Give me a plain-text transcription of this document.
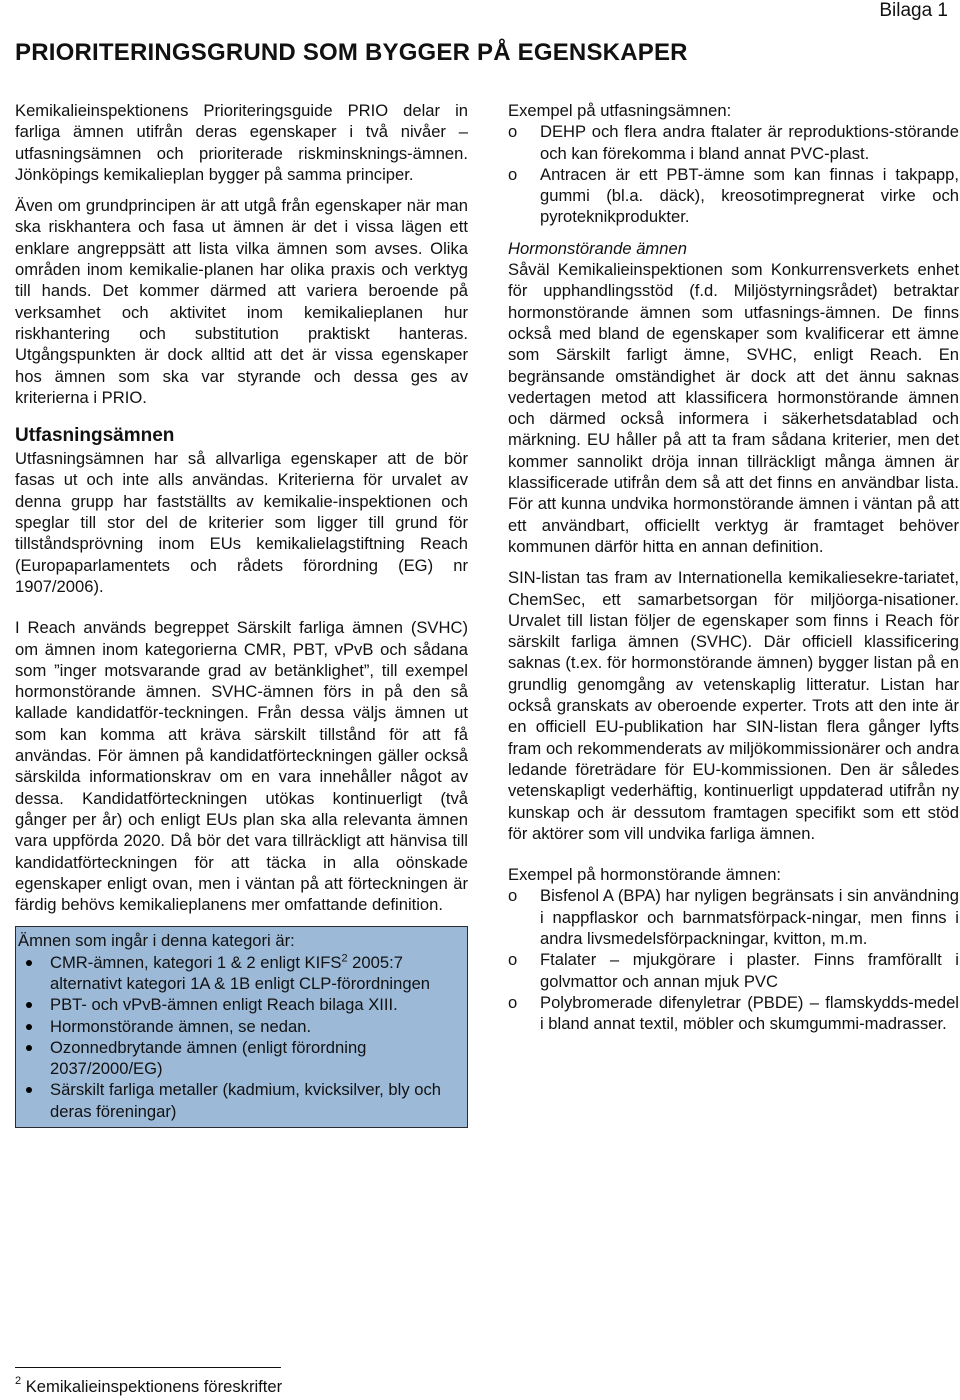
Bilaga 1
PRIORITERINGSGRUND SOM BYGGER PÅ EGENSKAPER

Kemikalieinspektionens Prioriteringsguide PRIO delar in farliga ämnen utifrån deras egenskaper i två nivåer – utfasningsämnen och prioriterade riskminsknings-ämnen. Jönköpings kemikalieplan bygger på samma principer.

Även om grundprincipen är att utgå från egenskaper när man ska riskhantera och fasa ut ämnen är det i vissa lägen ett enklare angreppsätt att lista vilka ämnen som avses. Olika områden inom kemikalie-planen har olika praxis och verktyg till hands. Det kommer därmed att variera beroende på verksamhet och aktivitet inom kemikalieplanen hur riskhantering och substitution praktiskt hanteras. Utgångspunkten är dock alltid att det är vissa egenskaper hos ämnen som ska var styrande och dessa ges av kriterierna i PRIO.

Utfasningsämnen

Utfasningsämnen har så allvarliga egenskaper att de bör fasas ut och inte alls användas. Kriterierna för urvalet av denna grupp har fastställts av kemikalie-inspektionen och speglar till stor del de kriterier som ligger till grund för tillståndsprövning inom EUs kemikalielagstiftning Reach (Europaparlamentets och rådets förordning (EG) nr 1907/2006).

I Reach används begreppet Särskilt farliga ämnen (SVHC) om ämnen inom kategorierna CMR, PBT, vPvB och sådana som ”inger motsvarande grad av betänklighet”, till exempel hormonstörande ämnen. SVHC-ämnen förs in på den så kallade kandidatför-teckningen. Från dessa väljs ämnen ut som kan komma att kräva särskilt tillstånd för att få användas. För ämnen på kandidatförteckningen gäller också särskilda informationskrav om en vara innehåller något av dessa. Kandidatförteckningen utökas kontinuerligt (två gånger per år) och enligt EUs plan ska alla relevanta ämnen vara uppförda 2020. Då bör det vara tillräckligt att hänvisa till kandidatförteckningen för att täcka in alla oönskade egenskaper enligt ovan, men i väntan på att förteckningen är färdig behövs kemikalieplanens mer omfattande definition.

Ämnen som ingår i denna kategori är:
CMR-ämnen, kategori 1 & 2 enligt KIFS$^2$ 2005:7 alternativt kategori 1A & 1B enligt CLP-förordningen
PBT- och vPvB-ämnen enligt Reach bilaga XIII.
Hormonstörande ämnen, se nedan.
Ozonnedbrytande ämnen (enligt förordning 2037/2000/EG)
Särskilt farliga metaller (kadmium, kvicksilver, bly och deras föreningar)
Exempel på utfasningsämnen:
o DEHP och flera andra ftalater är reproduktions-störande och kan förekomma i bland annat PVC-plast.
o Antracen är ett PBT-ämne som kan finnas i takpapp, gummi (bl.a. däck), kreosotimpregnerat virke och pyroteknikprodukter.

Hormonstörande ämnen

Såväl Kemikalieinspektionen som Konkurrensverkets enhet för upphandlingsstöd (f.d. Miljöstyrningsrådet) betraktar hormonstörande ämnen som utfasnings-ämnen. De finns också med bland de egenskaper som kvalificerar ett ämne som Särskilt farligt ämne, SVHC, enligt Reach. En begränsande omständighet är dock att det ännu saknas vedertagen metod att klassificera hormonstörande ämnen och därmed också informera i säkerhetsdatablad och märkning. EU håller på att ta fram sådana kriterier, men det kommer sannolikt dröja innan tillräckligt många ämnen är klassificerade utifrån dem så att det finns en användbar lista. För att kunna undvika hormonstörande ämnen i väntan på att ett användbart, officiellt verktyg är framtaget behöver kommunen därför hitta en annan definition.

SIN-listan tas fram av Internationella kemikaliesekre-tariatet, ChemSec, ett samarbetsorgan för miljöorga-nisationer. Urvalet till listan följer de egenskaper som finns i Reach för särskilt farliga ämnen (SVHC). Där officiell klassificering saknas (t.ex. för hormonstörande ämnen) bygger listan på en grundlig genomgång av vetenskaplig litteratur. Listan har också granskats av oberoende experter. Trots att den inte är en officiell EU-publikation har SIN-listan flera gånger lyfts fram och rekommenderats av miljökommissionärer och andra ledande företrädare för EU-kommissionen. Den är således vetenskapligt vederhäftig, kontinuerligt uppdaterad utifrån ny kunskap och är dessutom framtagen specifikt som ett stöd för aktörer som vill undvika farliga ämnen.

Exempel på hormonstörande ämnen:
o Bisfenol A (BPA) har nyligen begränsats i sin användning i nappflaskor och barnmatsförpack-ningar, men finns i andra livsmedelsförpackningar, kvitton, m.m.
o Ftalater – mjukgörare i plaster. Finns framförallt i golvmattor och annan mjuk PVC
o Polybromerade difenyletrar (PBDE) – flamskydds-medel i bland annat textil, möbler och skumgummi-madrasser.
$^2$ Kemikalieinspektionens föreskrifter
